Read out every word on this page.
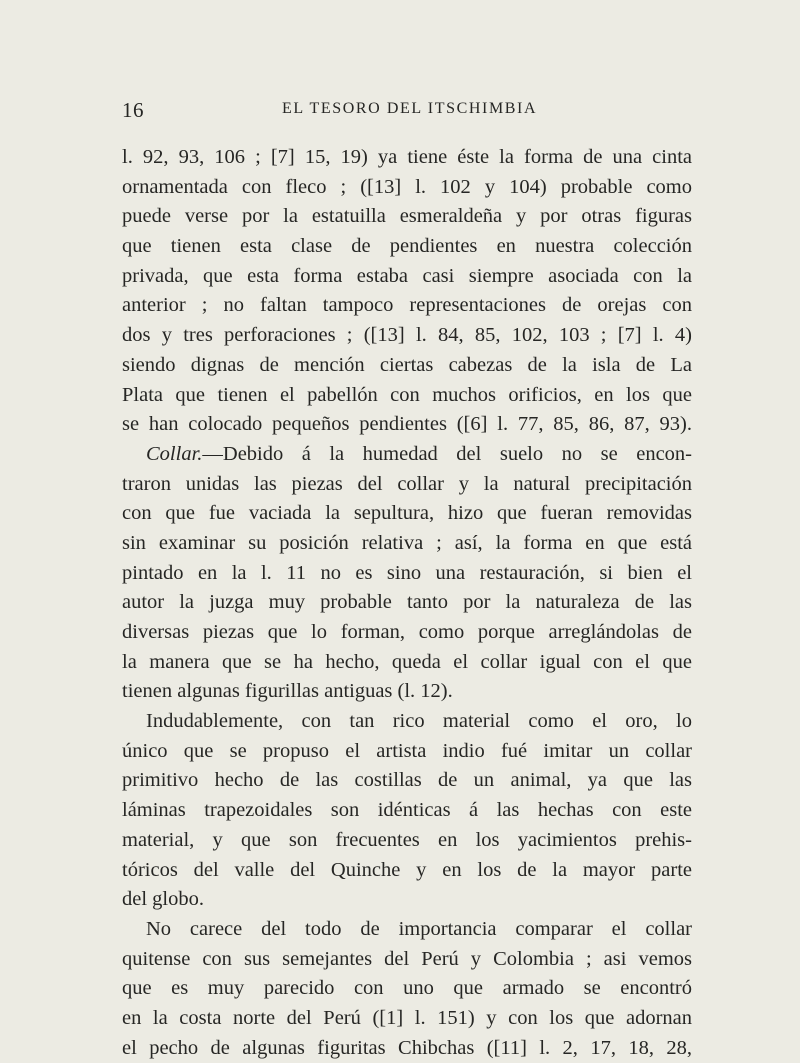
16	EL TESORO DEL ITSCHIMBIA
l. 92, 93, 106 ; [7] 15, 19) ya tiene éste la forma de una cinta
ornamentada con fleco ; ([13] l. 102 y 104) probable como
puede verse por la estatuilla esmeraldeña y por otras figuras
que tienen esta clase de pendientes en nuestra colección
privada, que esta forma estaba casi siempre asociada con la
anterior ; no faltan tampoco representaciones de orejas con
dos y tres perforaciones ; ([13] l. 84, 85, 102, 103 ; [7] l. 4)
siendo dignas de mención ciertas cabezas de la isla de La
Plata que tienen el pabellón con muchos orificios, en los que
se han colocado pequeños pendientes ([6] l. 77, 85, 86, 87, 93).
Collar.—Debido á la humedad del suelo no se encon-
traron unidas las piezas del collar y la natural precipitación
con que fue vaciada la sepultura, hizo que fueran removidas
sin examinar su posición relativa ; así, la forma en que está
pintado en la l. 11 no es sino una restauración, si bien el
autor la juzga muy probable tanto por la naturaleza de las
diversas piezas que lo forman, como porque arreglándolas de
la manera que se ha hecho, queda el collar igual con el que
tienen algunas figurillas antiguas (l. 12).
Indudablemente, con tan rico material como el oro, lo
único que se propuso el artista indio fué imitar un collar
primitivo hecho de las costillas de un animal, ya que las
láminas trapezoidales son idénticas á las hechas con este
material, y que son frecuentes en los yacimientos prehis-
tóricos del valle del Quinche y en los de la mayor parte
del globo.
No carece del todo de importancia comparar el collar
quitense con sus semejantes del Perú y Colombia ; asi vemos
que es muy parecido con uno que armado se encontró
en la costa norte del Perú ([1] l. 151) y con los que adornan
el pecho de algunas figuritas Chibchas ([11] l. 2, 17, 18, 28,
